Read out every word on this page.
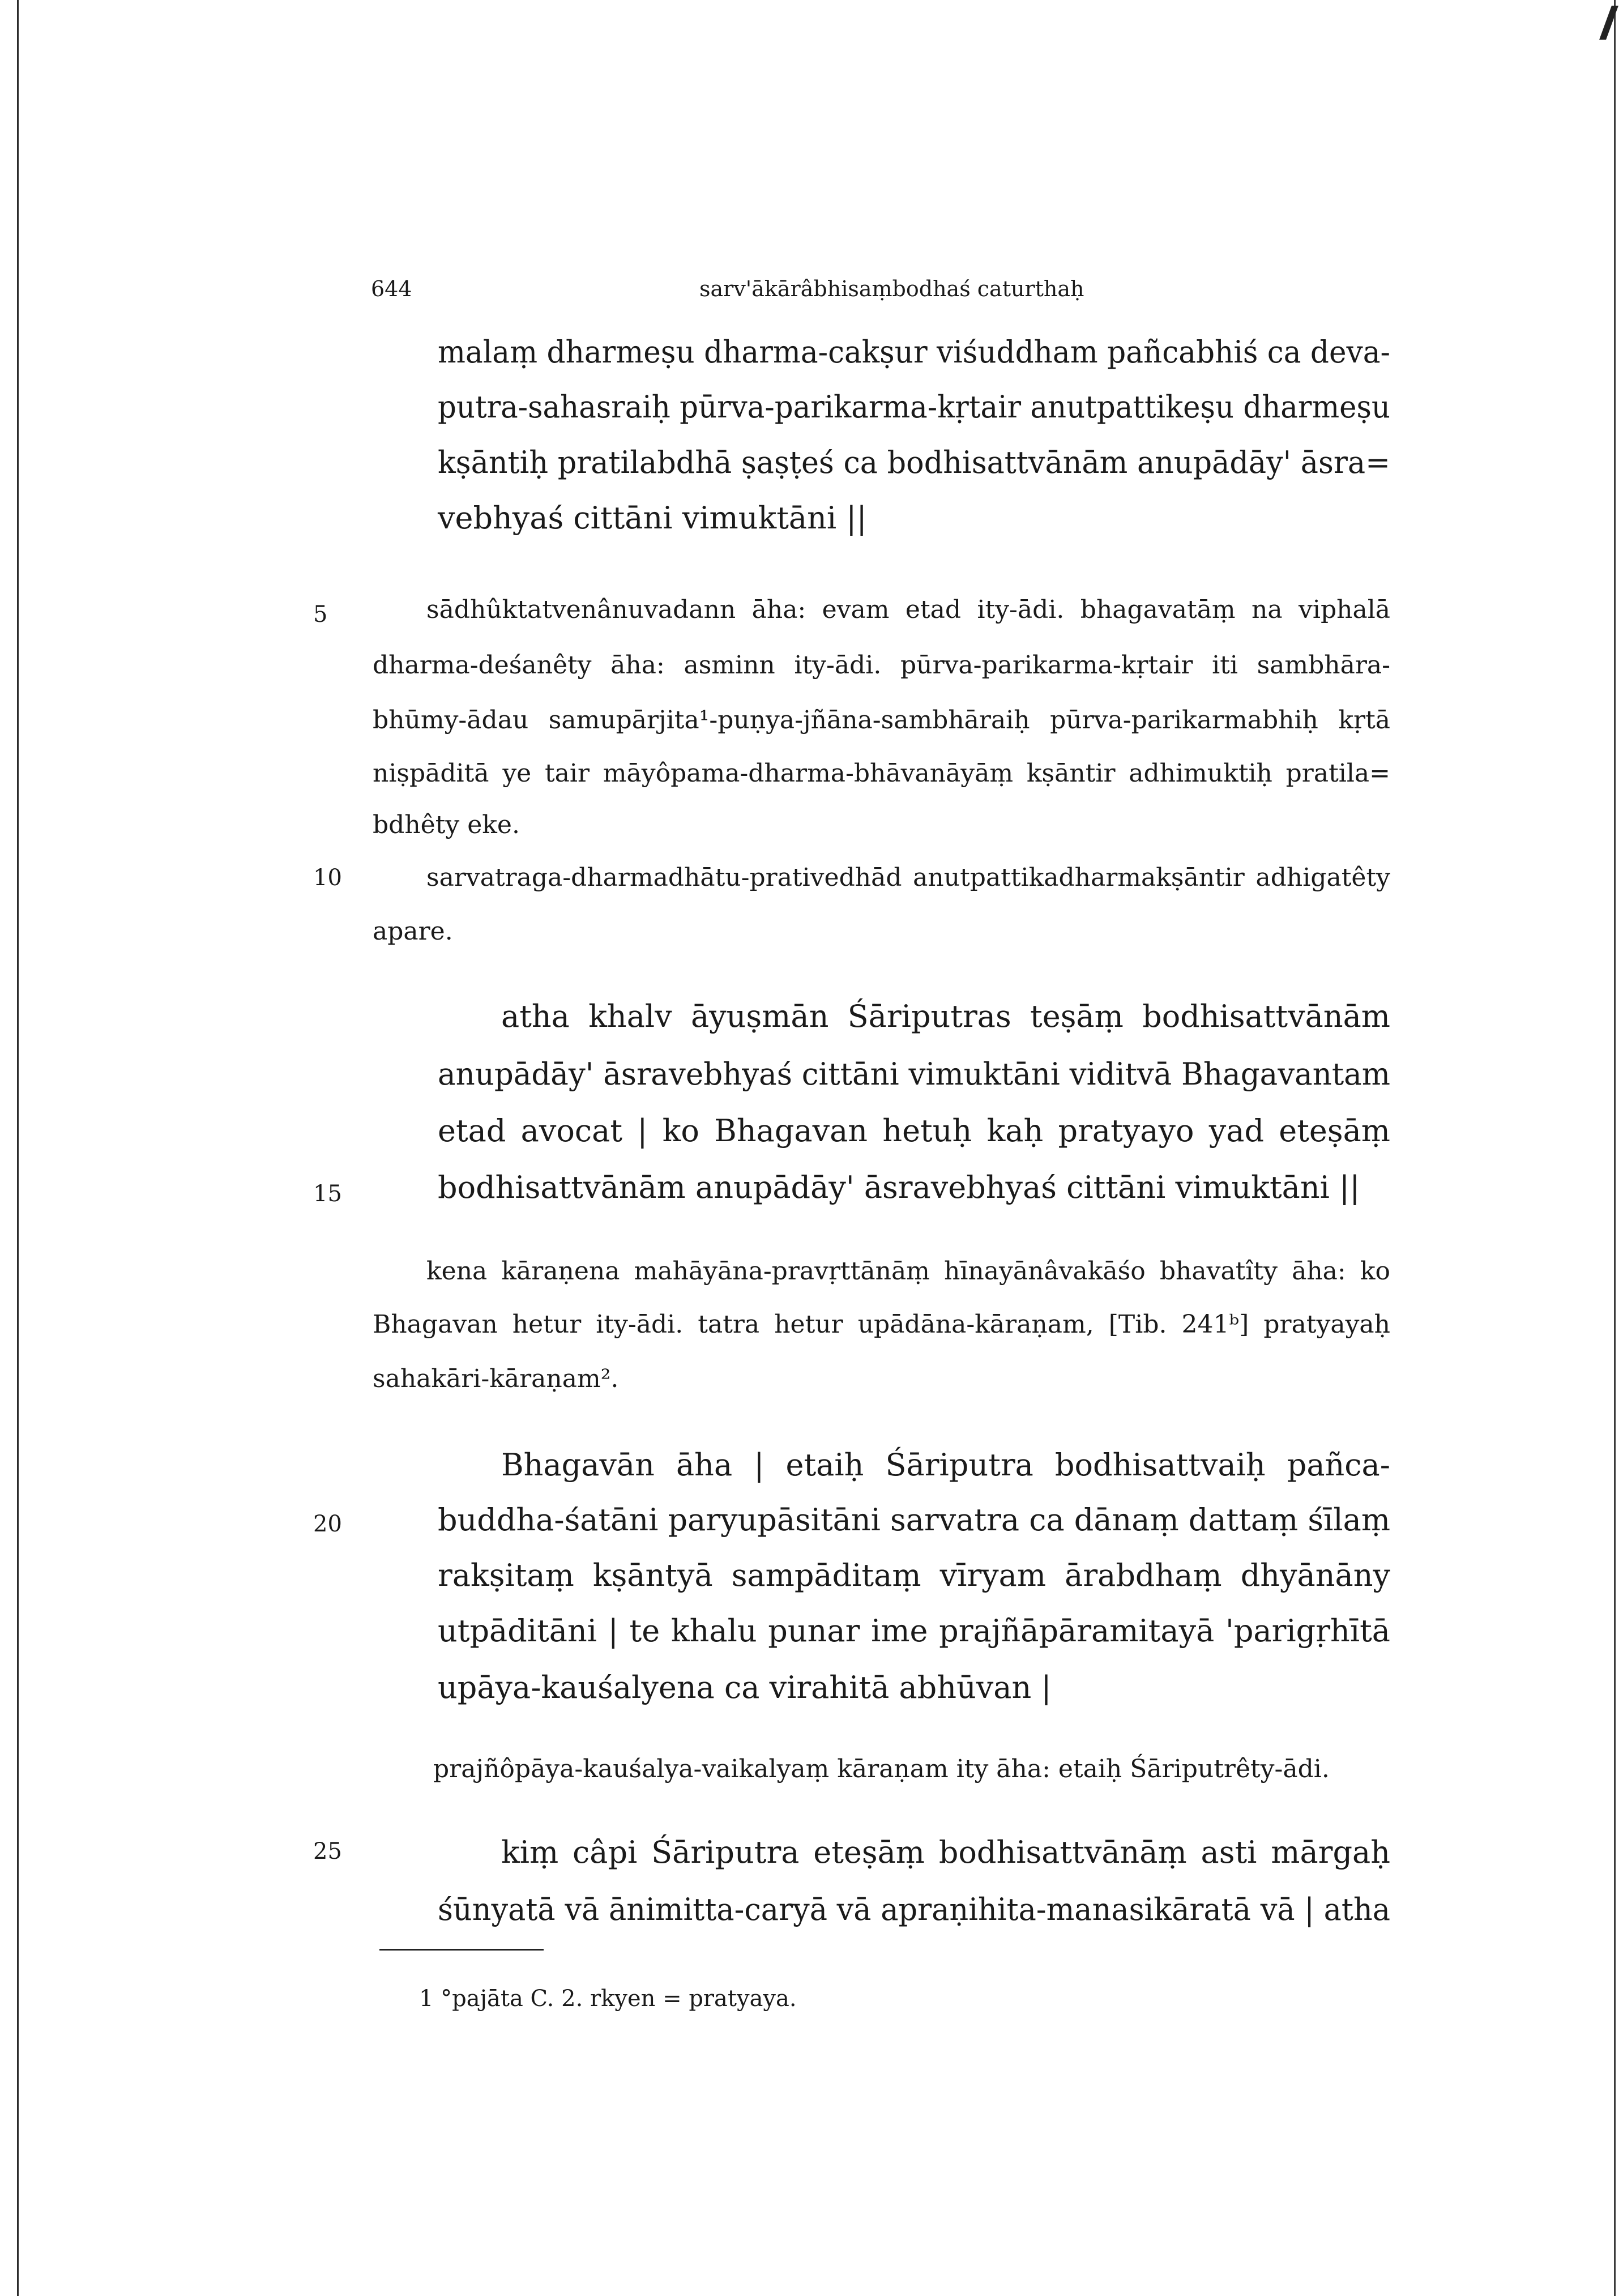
644	sarv'ākārâbhisaṃbodhaś caturthaḥ
5
10
15
20
25
malaṃ dharmeṣu dharma-cakṣur viśuddham pañcabhiś ca deva-
putra-sahasraiḥ pūrva-parikarma-kṛtair anutpattikeṣu dharmeṣu
kṣāntiḥ pratilabdhā ṣaṣṭeś ca bodhisattvānām anupādāy' āsra=
vebhyaś cittāni vimuktāni ||
sādhûktatvenânuvadann āha: evam etad ity-ādi. bhagavatāṃ na viphalā
dharma-deśanêty āha: asminn ity-ādi. pūrva-parikarma-kṛtair iti sambhāra-
bhūmy-ādau samupārjita¹-puṇya-jñāna-sambhāraiḥ pūrva-parikarmabhiḥ kṛtā
niṣpāditā ye tair māyôpama-dharma-bhāvanāyāṃ kṣāntir adhimuktiḥ pratila=
bdhêty eke.
sarvatraga-dharmadhātu-prativedhād anutpattikadharmakṣāntir adhigatêty
apare.
atha khalv āyuṣmān Śāriputras teṣāṃ bodhisattvānām
anupādāy' āsravebhyaś cittāni vimuktāni viditvā Bhagavantam
etad avocat | ko Bhagavan hetuḥ kaḥ pratyayo yad eteṣāṃ
bodhisattvānām anupādāy' āsravebhyaś cittāni vimuktāni ||
kena kāraṇena mahāyāna-pravṛttānāṃ hīnayānâvakāśo bhavatîty āha: ko
Bhagavan hetur ity-ādi. tatra hetur upādāna-kāraṇam, [Tib. 241ᵇ] pratyayaḥ
sahakāri-kāraṇam².
Bhagavān āha | etaiḥ Śāriputra bodhisattvaiḥ pañca-
buddha-śatāni paryupāsitāni sarvatra ca dānaṃ dattaṃ śīlaṃ
rakṣitaṃ kṣāntyā sampāditaṃ vīryam ārabdhaṃ dhyānāny
utpāditāni | te khalu punar ime prajñāpāramitayā 'parigṛhītā
upāya-kauśalyena ca virahitā abhūvan |
prajñôpāya-kauśalya-vaikalyaṃ kāraṇam ity āha: etaiḥ Śāriputrêty-ādi.
kiṃ câpi Śāriputra eteṣāṃ bodhisattvānāṃ asti mārgaḥ
śūnyatā vā ānimitta-caryā vā apraṇihita-manasikāratā vā | atha
1 °pajāta C. 2. rkyen = pratyaya.
